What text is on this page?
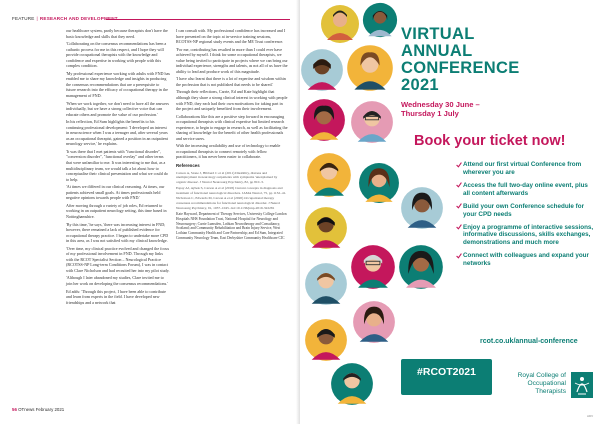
FEATURE | RESEARCH AND DEVELOPMENT

our healthcare system, partly because therapists don't have the basic knowledge and skills that they need.

'Collaborating on the consensus recommendations has been a cathartic process for me in this respect, and I hope they will provide occupational therapists with the knowledge and confidence and expertise in working with people with this complex condition.

'My professional experience working with adults with FND has enabled me to share my knowledge and insights in producing the consensus recommendations that are a prerequisite to future research into the efficacy of occupational therapy in the management of FND.

'When we work together, we don't need to have all the answers individually, but we have a strong collective voice that can educate others and promote the value of our profession.'

In his reflection, Ed Sum highlights the benefits to his continuing professional development: 'I developed an interest in neuroscience when I was a teenager and, after several years as an occupational therapist, gained a position in an outpatient neurology service,' he explains.

'It was there that I met patients with "functional disorder", "conversion disorder", "functional overlay" and other terms that were unfamiliar to me. It was interesting to me that, as a multidisciplinary team, we would talk a lot about how to conceptualise their clinical presentation and what we could do to help.

'At times we differed in our clinical reasoning. At times, our patients achieved small goals. At times professionals held negative opinions towards people with FND.'

After moving through a variety of job roles, Ed returned to working in an outpatient neurology setting, this time based in Nottinghamshire.

'By this time,' he says, 'there was increasing interest in FND; however, there remained a lack of published evidence for occupational therapy practice. I began to undertake more CPD in this area, as I was not satisfied with my clinical knowledge.

'Over time, my clinical practice evolved and changed the focus of my professional involvement in FND. Through my links with the RCOT Specialist Section – Neurological Practice (RCOTSS-NP Long-term Conditions Forum), I was in contact with Clare Nicholson and had recruited her into my pilot study.

'Although I later abandoned my studies, Clare invited me to join her work on developing the consensus recommendations.'

Ed adds: 'Through this project, I have been able to contribute and learn from experts in the field. I have developed new friendships and a network that

I can consult with. My professional confidence has increased and I have presented on the topic at in-service training sessions, RCOTSS-NP regional study events and the ME Trust conference.

'For me, contributing has resulted in more than I could ever have achieved by myself. I think for some occupational therapists, we value being invited to participate in projects where we can bring our individual experience, strengths and talents, as not all of us have the ability to lead and produce work of this magnitude.

'I have also learnt that there is a lot of expertise and wisdom within the profession that is not published that needs to be shared.'

Through their reflections, Carrie, Ed and Kate highlight that although they share a strong clinical interest in working with people with FND, they each had their own motivations for taking part in the project and uniquely benefited from their involvement.

Collaborations like this are a positive step forward in encouraging occupational therapists with clinical expertise but limited research experience, to begin to engage in research, as well as facilitating the sharing of knowledge for the benefit of other health professionals and service users.

With the increasing availability and use of technology to enable occupational therapists to connect remotely with fellow practitioners, it has never been easier to collaborate.

References

Carson A, Stone J, Hibberd C et al (2011) Disability, distress and unemployment in neurology outpatients with symptoms 'unexplained by organic disease'. J Neurol Neurosurg Psychiatry, 82, pp 810–3.

Espay AJ, Aybek S, Carson A et al (2018) Current concepts in diagnosis and treatment of functional neurological disorders. JAMA Neurol, 75, pp 1132–41.

Nicholson C, Edwards M, Carson A et al (2020) Occupational therapy consensus recommendations for functional neurological disorder. J Neurol Neurosurg Psychiatry, 91, 1037–1045. doi:10.1136/jnnp-2019-322281

Kate Hayward, Department of Therapy Services, University College London Hospitals NHS Foundation Trust, National Hospital for Neurology and Neurosurgery; Carrie Lumsden, Lothian Neurotherapy and Consultancy, Scotland; and Community Rehabilitation and Brain Injury Service, West Lothian Community Health and Care Partnership; and Ed Sum, Integrated Community Neurology Team, East Derbyshire Community Healthcare CIC

56 OTnews February 2021
VIRTUAL
ANNUAL
CONFERENCE
2021
Wednesday 30 June –
Thursday 1 July
Book your ticket now!
Attend our first virtual Conference from wherever you are
Access the full two-day online event, plus all content afterwards
Build your own Conference schedule for your CPD needs
Enjoy a programme of interactive sessions, informative discussions, skills exchanges, demonstrations and much more
Connect with colleagues and expand your networks
rcot.co.uk/annual-conference
#RCOT2021	Royal College of
Occupational
Therapists
ADV
